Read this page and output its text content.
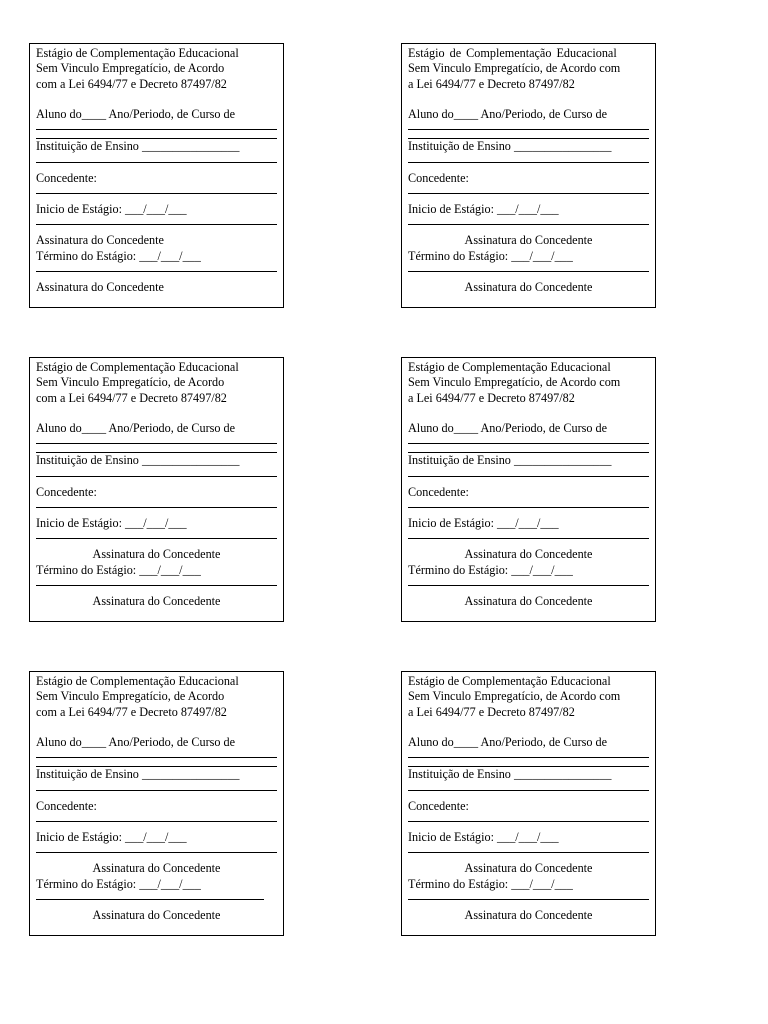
Estágio de Complementação Educacional
Sem Vinculo Empregatício, de Acordo
com a Lei 6494/77 e Decreto 87497/82
Aluno do____ Ano/Periodo, de Curso de
Instituição de Ensino ________________
Concedente:
Inicio de Estágio: ___/___/___
Assinatura do Concedente
Término do Estágio: ___/___/___
Assinatura do Concedente
Estágio de Complementação Educacional
Sem Vinculo Empregatício, de Acordo com
a Lei 6494/77 e Decreto 87497/82
Aluno do____ Ano/Periodo, de Curso de
Instituição de Ensino ________________
Concedente:
Inicio de Estágio: ___/___/___
Assinatura do Concedente
Término do Estágio: ___/___/___
Assinatura do Concedente
Estágio de Complementação Educacional
Sem Vinculo Empregatício, de Acordo
com a Lei 6494/77 e Decreto 87497/82
Aluno do____ Ano/Periodo, de Curso de
Instituição de Ensino ________________
Concedente:
Inicio de Estágio: ___/___/___
Assinatura do Concedente
Término do Estágio: ___/___/___
Assinatura do Concedente
Estágio de Complementação Educacional
Sem Vinculo Empregatício, de Acordo com
a Lei 6494/77 e Decreto 87497/82
Aluno do____ Ano/Periodo, de Curso de
Instituição de Ensino ________________
Concedente:
Inicio de Estágio: ___/___/___
Assinatura do Concedente
Término do Estágio: ___/___/___
Assinatura do Concedente
Estágio de Complementação Educacional
Sem Vinculo Empregatício, de Acordo
com a Lei 6494/77 e Decreto 87497/82
Aluno do____ Ano/Periodo, de Curso de
Instituição de Ensino ________________
Concedente:
Inicio de Estágio: ___/___/___
Assinatura do Concedente
Término do Estágio: ___/___/___
Assinatura do Concedente
Estágio de Complementação Educacional
Sem Vinculo Empregatício, de Acordo com
a Lei 6494/77 e Decreto 87497/82
Aluno do____ Ano/Periodo, de Curso de
Instituição de Ensino ________________
Concedente:
Inicio de Estágio: ___/___/___
Assinatura do Concedente
Término do Estágio: ___/___/___
Assinatura do Concedente
